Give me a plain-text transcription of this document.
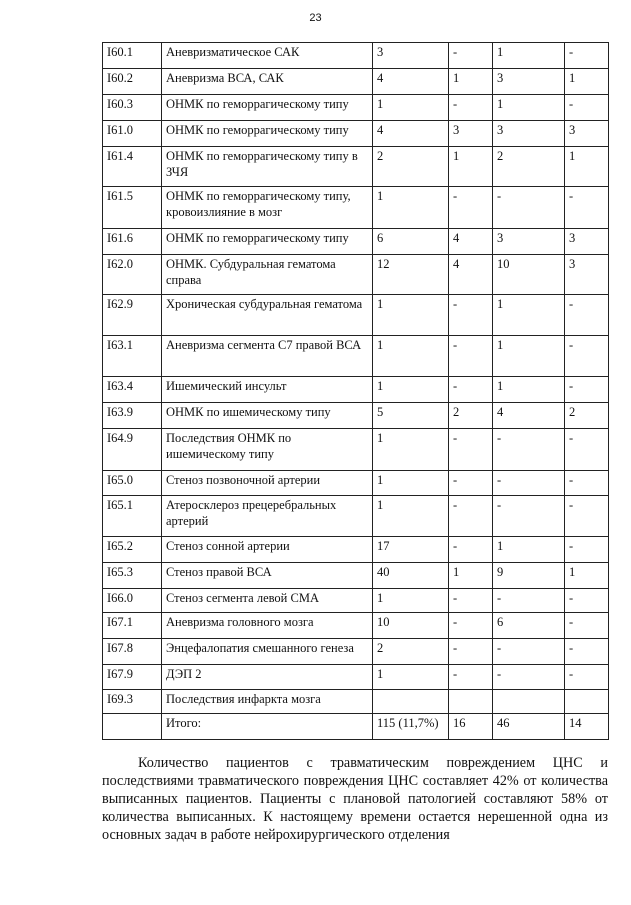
23
I60.1	Аневризматическое САК	3	-	1	-
I60.2	Аневризма ВСА, САК	4	1	3	1
I60.3	ОНМК по геморрагическому типу	1	-	1	-
I61.0	ОНМК по геморрагическому типу	4	3	3	3
I61.4	ОНМК по геморрагическому типу в ЗЧЯ	2	1	2	1
I61.5	ОНМК по геморрагическому типу, кровоизлияние в мозг	1	-	-	-
I61.6	ОНМК по геморрагическому типу	6	4	3	3
I62.0	ОНМК. Субдуральная гематома справа	12	4	10	3
I62.9	Хроническая субдуральная гематома	1	-	1	-
I63.1	Аневризма сегмента С7 правой ВСА	1	-	1	-
I63.4	Ишемический инсульт	1	-	1	-
I63.9	ОНМК по ишемическому типу	5	2	4	2
I64.9	Последствия ОНМК по ишемическому типу	1	-	-	-
I65.0	Стеноз позвоночной артерии	1	-	-	-
I65.1	Атеросклероз прецеребральных артерий	1	-	-	-
I65.2	Стеноз сонной артерии	17	-	1	-
I65.3	Стеноз правой ВСА	40	1	9	1
I66.0	Стеноз сегмента левой СМА	1	-	-	-
I67.1	Аневризма головного мозга	10	-	6	-
I67.8	Энцефалопатия смешанного генеза	2	-	-	-
I67.9	ДЭП 2	1	-	-	-
I69.3	Последствия инфаркта мозга				
	Итого:	115 (11,7%)	16	46	14

Количество пациентов с травматическим повреждением ЦНС и последствиями травматического повреждения ЦНС составляет 42% от количества выписанных пациентов. Пациенты с плановой патологией составляют 58% от количества выписанных. К настоящему времени остается нерешенной одна из основных задач в работе нейрохирургического отделения
